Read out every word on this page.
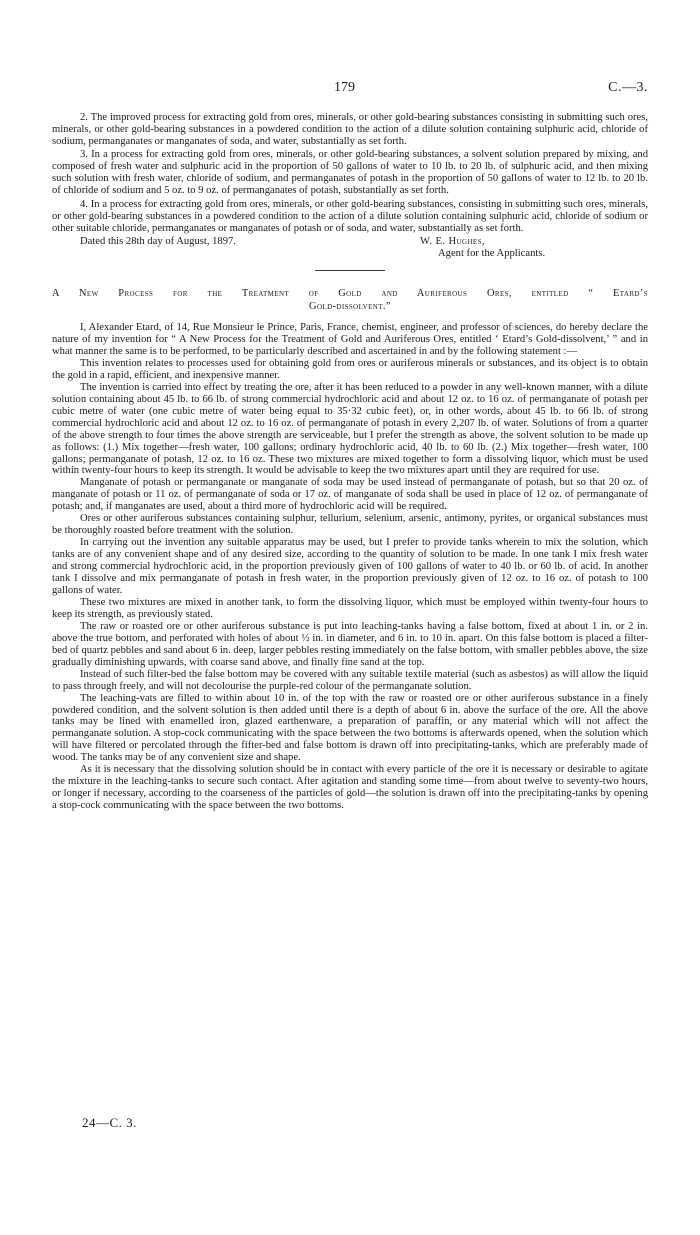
179	C.—3.

2. The improved process for extracting gold from ores, minerals, or other gold-bearing substances consisting in submitting such ores, minerals, or other gold-bearing substances in a powdered condition to the action of a dilute solution containing sulphuric acid, chloride of sodium, permanganates or manganates of soda, and water, substantially as set forth.

3. In a process for extracting gold from ores, minerals, or other gold-bearing substances, a solvent solution prepared by mixing, and composed of fresh water and sulphuric acid in the proportion of 50 gallons of water to 10 lb. to 20 lb. of sulphuric acid, and then mixing such solution with fresh water, chloride of sodium, and permanganates of potash in the proportion of 50 gallons of water to 12 lb. to 20 lb. of chloride of sodium and 5 oz. to 9 oz. of permanganates of potash, substantially as set forth.

4. In a process for extracting gold from ores, minerals, or other gold-bearing substances, consisting in submitting such ores, minerals, or other gold-bearing substances in a powdered condition to the action of a dilute solution containing sulphuric acid, chloride of sodium or other suitable chloride, permanganates or manganates of potash or of soda, and water, substantially as set forth.

Dated this 28th day of August, 1897.	W. E. Hughes,
Agent for the Applicants.
A New Process for the Treatment of Gold and Auriferous Ores, entitled “ Etard’s
Gold-dissolvent.”

I, Alexander Etard, of 14, Rue Monsieur le Prince, Paris, France, chemist, engineer, and professor of sciences, do hereby declare the nature of my invention for “ A New Process for the Treatment of Gold and Auriferous Ores, entitled ‘ Etard’s Gold-dissolvent,’ ” and in what manner the same is to be performed, to be particularly described and ascertained in and by the following statement :—

This invention relates to processes used for obtaining gold from ores or auriferous minerals or substances, and its object is to obtain the gold in a rapid, efficient, and inexpensive manner.

The invention is carried into effect by treating the ore, after it has been reduced to a powder in any well-known manner, with a dilute solution containing about 45 lb. to 66 lb. of strong commercial hydrochloric acid and about 12 oz. to 16 oz. of permanganate of potash per cubic metre of water (one cubic metre of water being equal to 35·32 cubic feet), or, in other words, about 45 lb. to 66 lb. of strong commercial hydrochloric acid and about 12 oz. to 16 oz. of permanganate of potash in every 2,207 lb. of water. Solutions of from a quarter of the above strength to four times the above strength are serviceable, but I prefer the strength as above, the solvent solution to be made up as follows: (1.) Mix together—fresh water, 100 gallons; ordinary hydrochloric acid, 40 lb. to 60 lb. (2.) Mix together—fresh water, 100 gallons; permanganate of potash, 12 oz. to 16 oz. These two mixtures are mixed together to form a dissolving liquor, which must be used within twenty-four hours to keep its strength. It would be advisable to keep the two mixtures apart until they are required for use.

Manganate of potash or permanganate or manganate of soda may be used instead of permanganate of potash, but so that 20 oz. of manganate of potash or 11 oz. of permanganate of soda or 17 oz. of manganate of soda shall be used in place of 12 oz. of permanganate of potash; and, if manganates are used, about a third more of hydrochloric acid will be required.

Ores or other auriferous substances containing sulphur, tellurium, selenium, arsenic, antimony, pyrites, or organical substances must be thoroughly roasted before treatment with the solution.

In carrying out the invention any suitable apparatus may be used, but I prefer to provide tanks wherein to mix the solution, which tanks are of any convenient shape and of any desired size, according to the quantity of solution to be made. In one tank I mix fresh water and strong commercial hydrochloric acid, in the proportion previously given of 100 gallons of water to 40 lb. or 60 lb. of acid. In another tank I dissolve and mix permanganate of potash in fresh water, in the proportion previously given of 12 oz. to 16 oz. of potash to 100 gallons of water.

These two mixtures are mixed in another tank, to form the dissolving liquor, which must be employed within twenty-four hours to keep its strength, as previously stated.

The raw or roasted ore or other auriferous substance is put into leaching-tanks having a false bottom, fixed at about 1 in. or 2 in. above the true bottom, and perforated with holes of about ½ in. in diameter, and 6 in. to 10 in. apart. On this false bottom is placed a filter-bed of quartz pebbles and sand about 6 in. deep, larger pebbles resting immediately on the false bottom, with smaller pebbles above, the size gradually diminishing upwards, with coarse sand above, and finally fine sand at the top.

Instead of such filter-bed the false bottom may be covered with any suitable textile material (such as asbestos) as will allow the liquid to pass through freely, and will not decolourise the purple-red colour of the permanganate solution.

The leaching-vats are filled to within about 10 in. of the top with the raw or roasted ore or other auriferous substance in a finely powdered condition, and the solvent solution is then added until there is a depth of about 6 in. above the surface of the ore. All the above tanks may be lined with enamelled iron, glazed earthenware, a preparation of paraffin, or any material which will not affect the permanganate solution. A stop-cock communicating with the space between the two bottoms is afterwards opened, when the solution which will have filtered or percolated through the fifter-bed and false bottom is drawn off into precipitating-tanks, which are preferably made of wood. The tanks may be of any convenient size and shape.

As it is necessary that the dissolving solution should be in contact with every particle of the ore it is necessary or desirable to agitate the mixture in the leaching-tanks to secure such contact. After agitation and standing some time—from about twelve to seventy-two hours, or longer if necessary, according to the coarseness of the particles of gold—the solution is drawn off into the precipitating-tanks by opening a stop-cock communicating with the space between the two bottoms.

24—C. 3.
